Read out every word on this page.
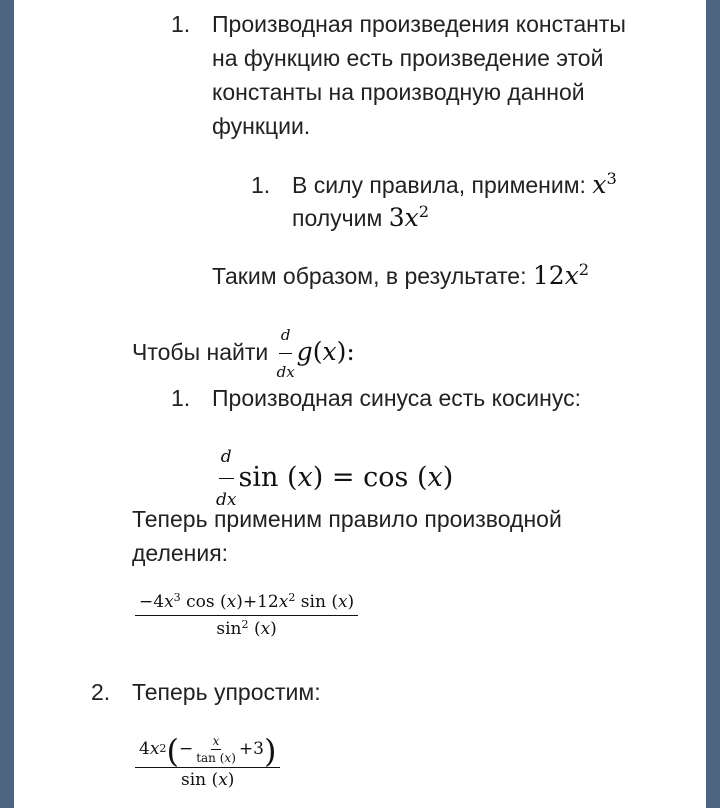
1. Производная произведения константы
на функцию есть произведение этой
константы на производную данной
функции.
1. В силу правила, применим: $x^3$
получим $3x^2$
Таким образом, в результате: $12x^2$
Чтобы найти $\frac{d}{dx} g(x)$:
1. Производная синуса есть косинус:
$\frac{d}{dx}$ sin (x) = cos (x)
Теперь применим правило производной
деления:
$\frac{-4x^3 \cos (x)+12x^2 \sin (x)}{\sin^2 (x)}$
2. Теперь упростим:
$\frac{4 x 2 ( - \frac{x}{\tan (x)} +3 )}{\sin (x)}$
